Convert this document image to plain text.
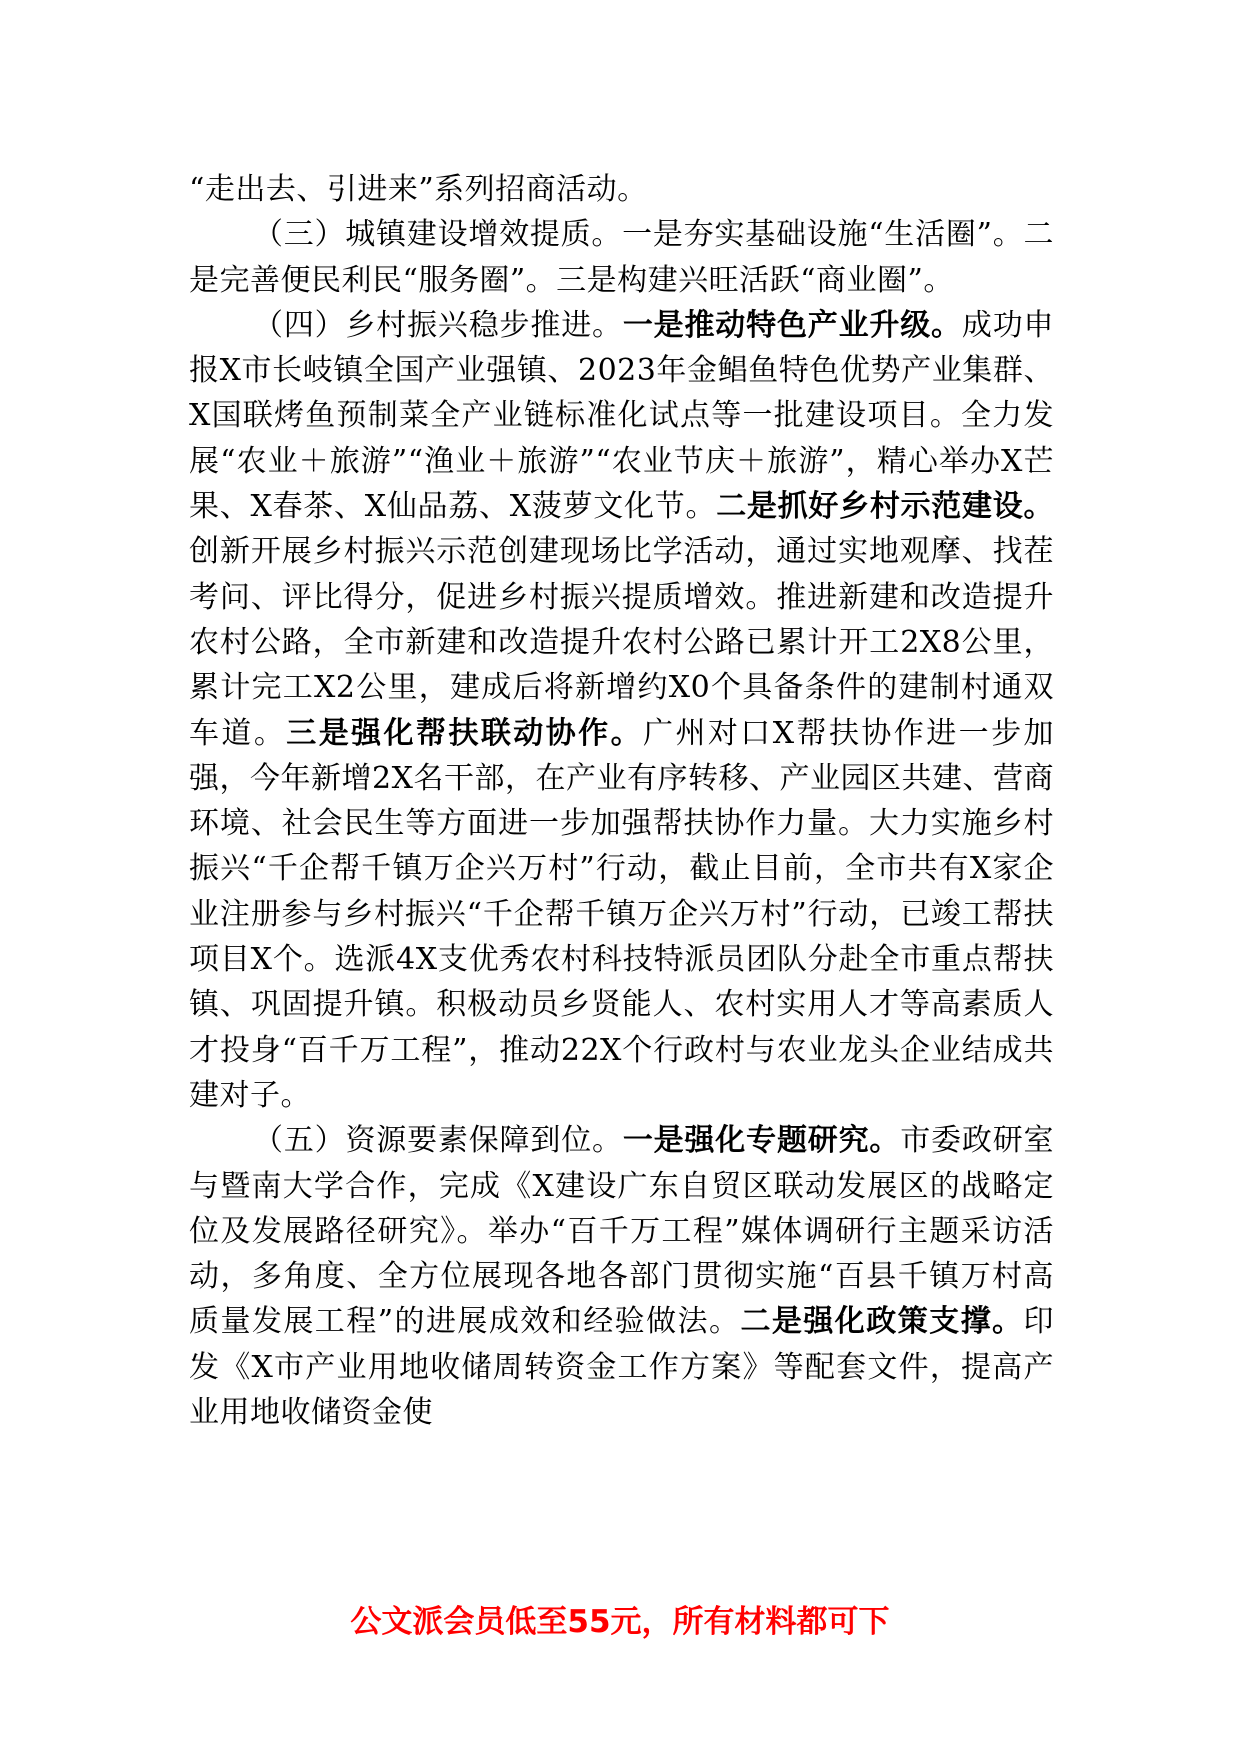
“走出去、引进来”系列招商活动。

（三）城镇建设增效提质。一是夯实基础设施“生活圈”。二是完善便民利民“服务圈”。三是构建兴旺活跃“商业圈”。

（四）乡村振兴稳步推进。一是推动特色产业升级。成功申报X市长岐镇全国产业强镇、2023年金鲳鱼特色优势产业集群、X国联烤鱼预制菜全产业链标准化试点等一批建设项目。全力发展“农业＋旅游”“渔业＋旅游”“农业节庆＋旅游”，精心举办X芒果、X春茶、X仙品荔、X菠萝文化节。二是抓好乡村示范建设。创新开展乡村振兴示范创建现场比学活动，通过实地观摩、找茬考问、评比得分，促进乡村振兴提质增效。推进新建和改造提升农村公路，全市新建和改造提升农村公路已累计开工2X8公里，累计完工X2公里，建成后将新增约X0个具备条件的建制村通双车道。三是强化帮扶联动协作。广州对口X帮扶协作进一步加强，今年新增2X名干部，在产业有序转移、产业园区共建、营商环境、社会民生等方面进一步加强帮扶协作力量。大力实施乡村振兴“千企帮千镇万企兴万村”行动，截止目前，全市共有X家企业注册参与乡村振兴“千企帮千镇万企兴万村”行动，已竣工帮扶项目X个。选派4X支优秀农村科技特派员团队分赴全市重点帮扶镇、巩固提升镇。积极动员乡贤能人、农村实用人才等高素质人才投身“百千万工程”，推动22X个行政村与农业龙头企业结成共建对子。

（五）资源要素保障到位。一是强化专题研究。市委政研室与暨南大学合作，完成《X建设广东自贸区联动发展区的战略定位及发展路径研究》。举办“百千万工程”媒体调研行主题采访活动，多角度、全方位展现各地各部门贯彻实施“百县千镇万村高质量发展工程”的进展成效和经验做法。二是强化政策支撑。印发《X市产业用地收储周转资金工作方案》等配套文件，提高产业用地收储资金使

公文派会员低至55元，所有材料都可下
